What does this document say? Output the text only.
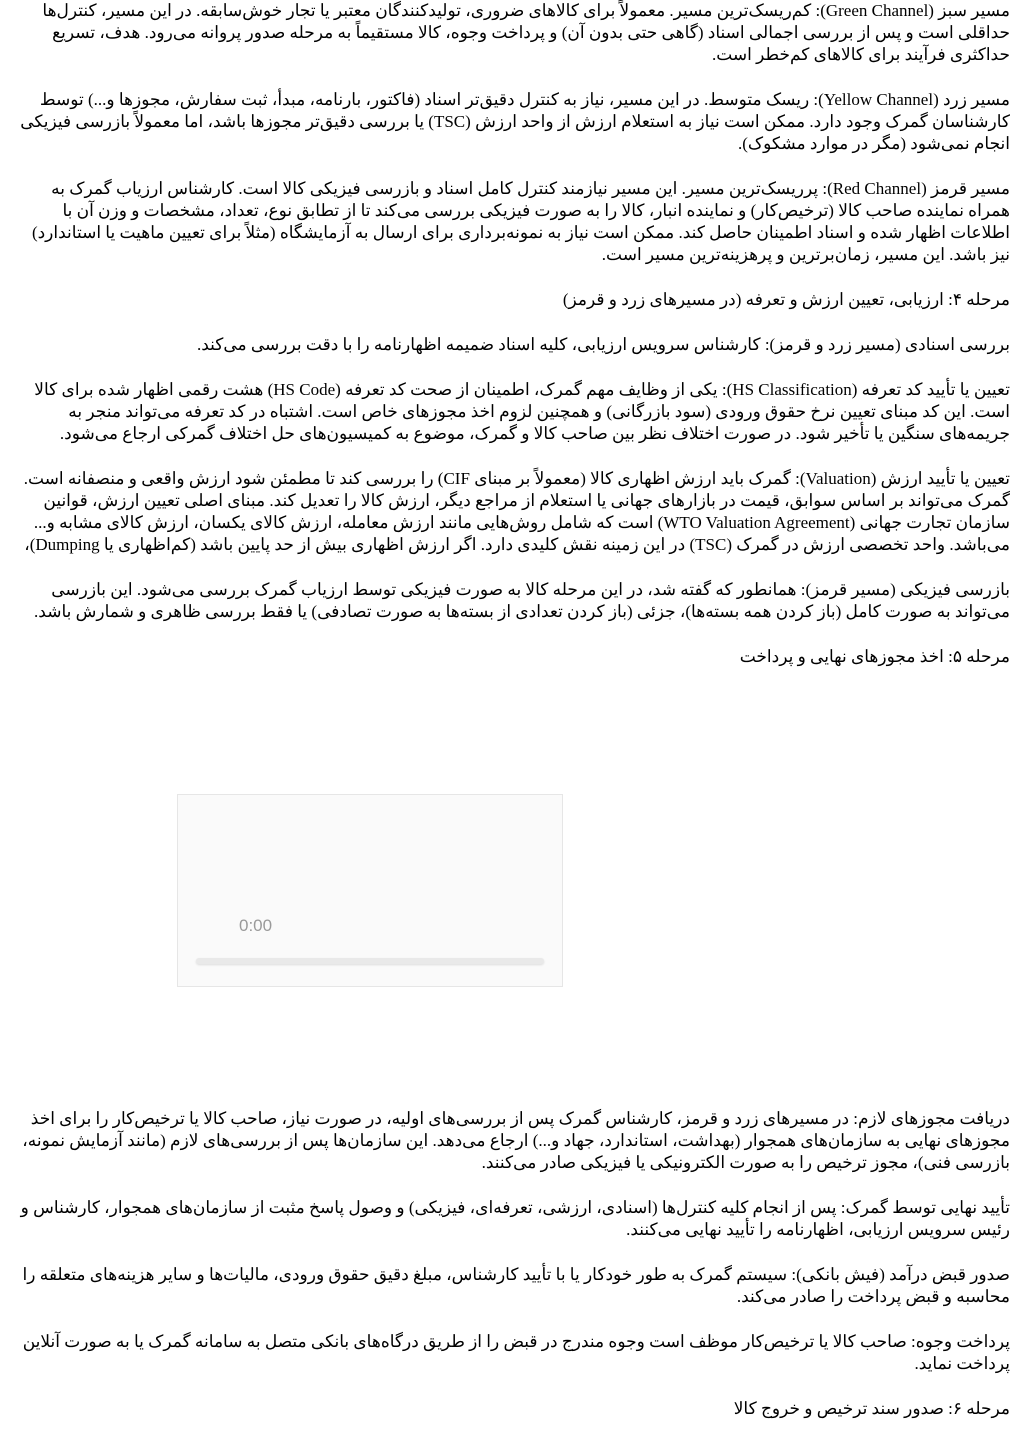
مسیر سبز (Green Channel): کم‌ریسک‌ترین مسیر. معمولاً برای کالاهای ضروری، تولیدکنندگان معتبر یا تجار خوش‌سابقه. در این مسیر، کنترل‌ها حداقلی است و پس از بررسی اجمالی اسناد (گاهی حتی بدون آن) و پرداخت وجوه، کالا مستقیماً به مرحله صدور پروانه می‌رود. هدف، تسریع حداکثری فرآیند برای کالاهای کم‌خطر است.

مسیر زرد (Yellow Channel): ریسک متوسط. در این مسیر، نیاز به کنترل دقیق‌تر اسناد (فاکتور، بارنامه، مبدأ، ثبت سفارش، مجوزها و...) توسط کارشناسان گمرک وجود دارد. ممکن است نیاز به استعلام ارزش از واحد ارزش (TSC) یا بررسی دقیق‌تر مجوزها باشد، اما معمولاً بازرسی فیزیکی انجام نمی‌شود (مگر در موارد مشکوک).

مسیر قرمز (Red Channel): پرریسک‌ترین مسیر. این مسیر نیازمند کنترل کامل اسناد و بازرسی فیزیکی کالا است. کارشناس ارزیاب گمرک به همراه نماینده صاحب کالا (ترخیص‌کار) و نماینده انبار، کالا را به صورت فیزیکی بررسی می‌کند تا از تطابق نوع، تعداد، مشخصات و وزن آن با اطلاعات اظهار شده و اسناد اطمینان حاصل کند. ممکن است نیاز به نمونه‌برداری برای ارسال به آزمایشگاه (مثلاً برای تعیین ماهیت یا استاندارد) نیز باشد. این مسیر، زمان‌برترین و پرهزینه‌ترین مسیر است.

مرحله ۴: ارزیابی، تعیین ارزش و تعرفه (در مسیرهای زرد و قرمز)

بررسی اسنادی (مسیر زرد و قرمز): کارشناس سرویس ارزیابی، کلیه اسناد ضمیمه اظهارنامه را با دقت بررسی می‌کند.

تعیین یا تأیید کد تعرفه (HS Classification): یکی از وظایف مهم گمرک، اطمینان از صحت کد تعرفه (HS Code) هشت رقمی اظهار شده برای کالا است. این کد مبنای تعیین نرخ حقوق ورودی (سود بازرگانی) و همچنین لزوم اخذ مجوزهای خاص است. اشتباه در کد تعرفه می‌تواند منجر به جریمه‌های سنگین یا تأخیر شود. در صورت اختلاف نظر بین صاحب کالا و گمرک، موضوع به کمیسیون‌های حل اختلاف گمرکی ارجاع می‌شود.

تعیین یا تأیید ارزش (Valuation): گمرک باید ارزش اظهاری کالا (معمولاً بر مبنای CIF) را بررسی کند تا مطمئن شود ارزش واقعی و منصفانه است. گمرک می‌تواند بر اساس سوابق، قیمت در بازارهای جهانی یا استعلام از مراجع دیگر، ارزش کالا را تعدیل کند. مبنای اصلی تعیین ارزش، قوانین سازمان تجارت جهانی (WTO Valuation Agreement) است که شامل روش‌هایی مانند ارزش معامله، ارزش کالای یکسان، ارزش کالای مشابه و... می‌باشد. واحد تخصصی ارزش در گمرک (TSC) در این زمینه نقش کلیدی دارد. اگر ارزش اظهاری بیش از حد پایین باشد (کم‌اظهاری یا Dumping)،

بازرسی فیزیکی (مسیر قرمز): همانطور که گفته شد، در این مرحله کالا به صورت فیزیکی توسط ارزیاب گمرک بررسی می‌شود. این بازرسی می‌تواند به صورت کامل (باز کردن همه بسته‌ها)، جزئی (باز کردن تعدادی از بسته‌ها به صورت تصادفی) یا فقط بررسی ظاهری و شمارش باشد.

مرحله ۵: اخذ مجوزهای نهایی و پرداخت

0:00

دریافت مجوزهای لازم: در مسیرهای زرد و قرمز، کارشناس گمرک پس از بررسی‌های اولیه، در صورت نیاز، صاحب کالا یا ترخیص‌کار را برای اخذ مجوزهای نهایی به سازمان‌های همجوار (بهداشت، استاندارد، جهاد و...) ارجاع می‌دهد. این سازمان‌ها پس از بررسی‌های لازم (مانند آزمایش نمونه، بازرسی فنی)، مجوز ترخیص را به صورت الکترونیکی یا فیزیکی صادر می‌کنند.

تأیید نهایی توسط گمرک: پس از انجام کلیه کنترل‌ها (اسنادی، ارزشی، تعرفه‌ای، فیزیکی) و وصول پاسخ مثبت از سازمان‌های همجوار، کارشناس و رئیس سرویس ارزیابی، اظهارنامه را تأیید نهایی می‌کنند.

صدور قبض درآمد (فیش بانکی): سیستم گمرک به طور خودکار یا با تأیید کارشناس، مبلغ دقیق حقوق ورودی، مالیات‌ها و سایر هزینه‌های متعلقه را محاسبه و قبض پرداخت را صادر می‌کند.

پرداخت وجوه: صاحب کالا یا ترخیص‌کار موظف است وجوه مندرج در قبض را از طریق درگاه‌های بانکی متصل به سامانه گمرک یا به صورت آنلاین پرداخت نماید.

مرحله ۶: صدور سند ترخیص و خروج کالا
